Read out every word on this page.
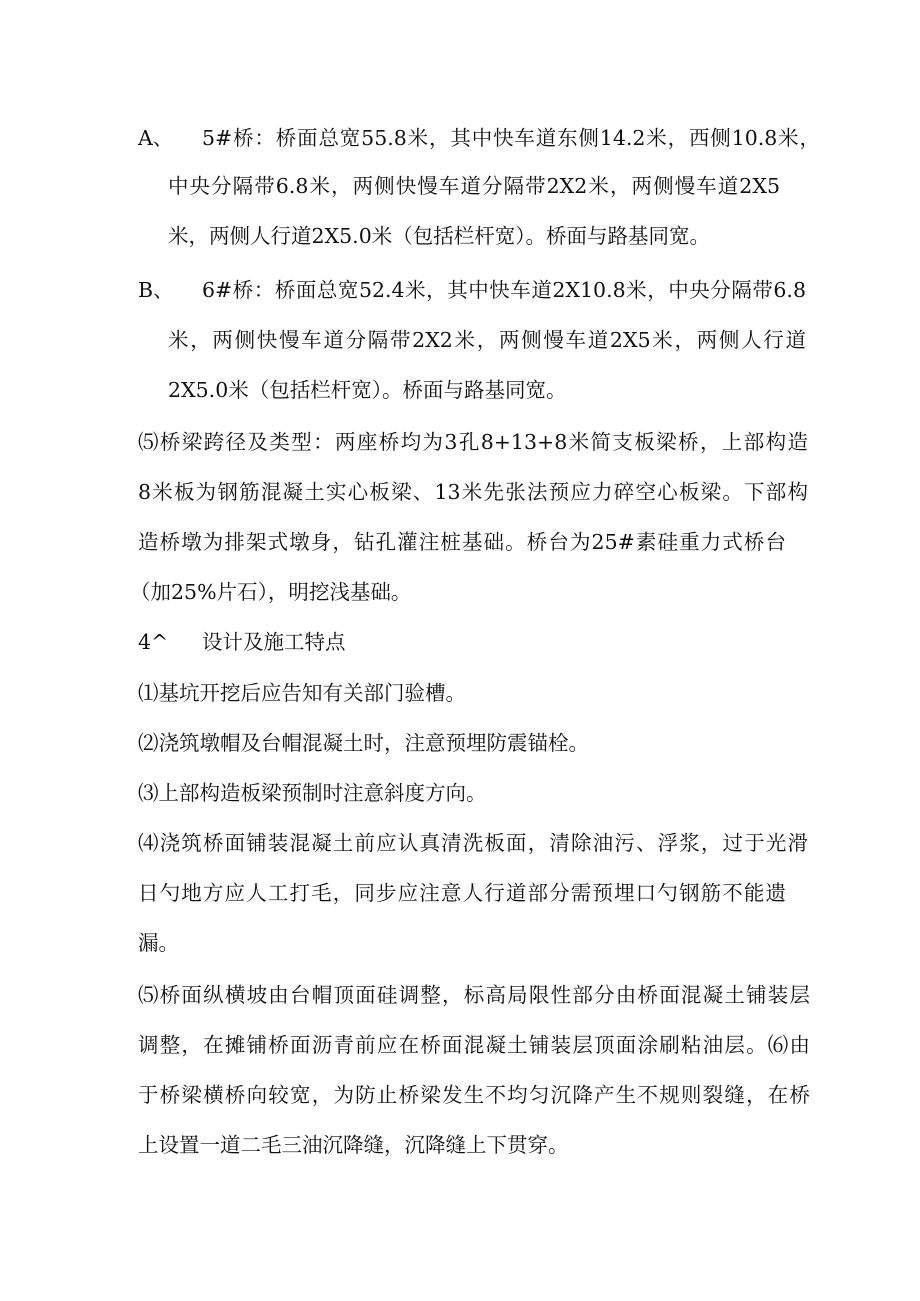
A、 5#桥：桥面总宽55.8米，其中快车道东侧14.2米，西侧10.8米，
中央分隔带6.8米，两侧快慢车道分隔带2X2米，两侧慢车道2X5
米，两侧人行道2X5.0米（包括栏杆宽）。桥面与路基同宽。
B、 6#桥：桥面总宽52.4米，其中快车道2X10.8米，中央分隔带6.8
米，两侧快慢车道分隔带2X2米，两侧慢车道2X5米，两侧人行道
2X5.0米（包括栏杆宽）。桥面与路基同宽。
⑸桥梁跨径及类型：两座桥均为3孔8+13+8米简支板梁桥，上部构造
8米板为钢筋混凝土实心板梁、13米先张法预应力碎空心板梁。下部构
造桥墩为排架式墩身，钻孔灌注桩基础。桥台为25#素硅重力式桥台
（加25%片石），明挖浅基础。
4^ 设计及施工特点
⑴基坑开挖后应告知有关部门验槽。
⑵浇筑墩帽及台帽混凝土时，注意预埋防震锚栓。
⑶上部构造板梁预制时注意斜度方向。
⑷浇筑桥面铺装混凝土前应认真清洗板面，清除油污、浮浆，过于光滑
日勺地方应人工打毛，同步应注意人行道部分需预埋口勺钢筋不能遗
漏。
⑸桥面纵横坡由台帽顶面硅调整，标高局限性部分由桥面混凝土铺装层
调整，在摊铺桥面沥青前应在桥面混凝土铺装层顶面涂刷粘油层。⑹由
于桥梁横桥向较宽，为防止桥梁发生不均匀沉降产生不规则裂缝，在桥
上设置一道二毛三油沉降缝，沉降缝上下贯穿。
